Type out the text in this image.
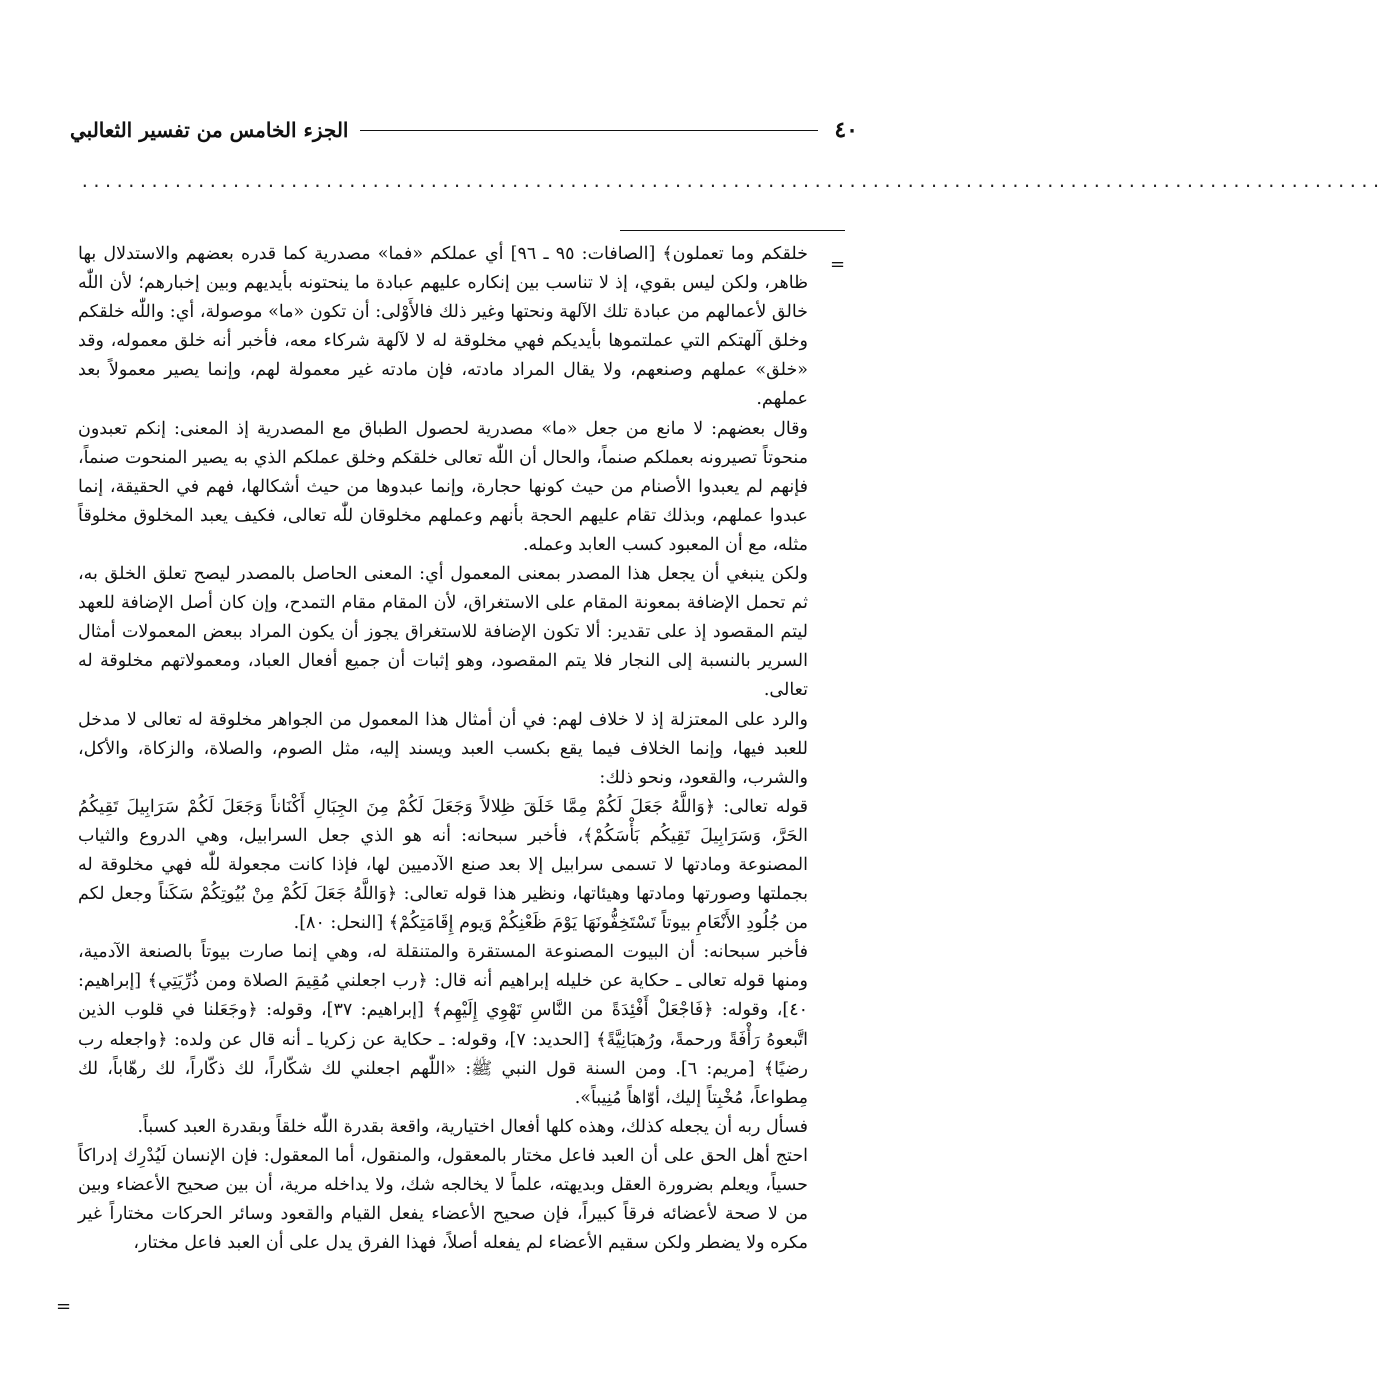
٤٠
الجزء الخامس من تفسير الثعالبي
................................................................................................................
=

خلقكم وما تعملون﴾ [الصافات: ٩٥ ـ ٩٦] أي عملكم «فما» مصدرية كما قدره بعضهم والاستدلال بها ظاهر، ولكن ليس بقوي، إذ لا تناسب بين إنكاره عليهم عبادة ما ينحتونه بأيديهم وبين إخبارهم؛ لأن اللّٰه خالق لأعمالهم من عبادة تلك الآلهة ونحتها وغير ذلك فالأَوْلى: أن تكون «ما» موصولة، أي: واللّٰه خلقكم وخلق آلهتكم التي عملتموها بأيديكم فهي مخلوقة له لا لآلهة شركاء معه، فأخبر أنه خلق معموله، وقد «خلق» عملهم وصنعهم، ولا يقال المراد مادته، فإن مادته غير معمولة لهم، وإنما يصير معمولاً بعد عملهم.

وقال بعضهم: لا مانع من جعل «ما» مصدرية لحصول الطباق مع المصدرية إذ المعنى: إنكم تعبدون منحوتاً تصيرونه بعملكم صنماً، والحال أن اللّٰه تعالى خلقكم وخلق عملكم الذي به يصير المنحوت صنماً، فإنهم لم يعبدوا الأصنام من حيث كونها حجارة، وإنما عبدوها من حيث أشكالها، فهم في الحقيقة، إنما عبدوا عملهم، وبذلك تقام عليهم الحجة بأنهم وعملهم مخلوقان للّٰه تعالى، فكيف يعبد المخلوق مخلوقاً مثله، مع أن المعبود كسب العابد وعمله.

ولكن ينبغي أن يجعل هذا المصدر بمعنى المعمول أي: المعنى الحاصل بالمصدر ليصح تعلق الخلق به، ثم تحمل الإضافة بمعونة المقام على الاستغراق، لأن المقام مقام التمدح، وإن كان أصل الإضافة للعهد ليتم المقصود إذ على تقدير: ألا تكون الإضافة للاستغراق يجوز أن يكون المراد ببعض المعمولات أمثال السرير بالنسبة إلى النجار فلا يتم المقصود، وهو إثبات أن جميع أفعال العباد، ومعمولاتهم مخلوقة له تعالى.

والرد على المعتزلة إذ لا خلاف لهم: في أن أمثال هذا المعمول من الجواهر مخلوقة له تعالى لا مدخل للعبد فيها، وإنما الخلاف فيما يقع بكسب العبد ويسند إليه، مثل الصوم، والصلاة، والزكاة، والأكل، والشرب، والقعود، ونحو ذلك:

قوله تعالى: ﴿وَاللَّهُ جَعَلَ لَكُمْ مِمَّا خَلَقَ ظِلالاً وَجَعَلَ لَكُمْ مِنَ الجِبَالِ أَكْنَاناً وَجَعَلَ لَكُمْ سَرَابِيلَ تَقِيكُمُ الحَرَّ، وَسَرَابِيلَ تَقِيكُم بَأْسَكُمْ﴾، فأخبر سبحانه: أنه هو الذي جعل السرابيل، وهي الدروع والثياب المصنوعة ومادتها لا تسمى سرابيل إلا بعد صنع الآدميين لها، فإذا كانت مجعولة للّٰه فهي مخلوقة له بجملتها وصورتها ومادتها وهيئاتها، ونظير هذا قوله تعالى: ﴿وَاللَّهُ جَعَلَ لَكُمْ مِنْ بُيُوتِكُمْ سَكَناً وجعل لكم من جُلُودِ الأَنْعَامِ بيوتاً تَسْتَخِفُّونَهَا يَوْمَ ظَعْنِكُمْ وَيوم إِقَامَتِكُمْ﴾ [النحل: ٨٠].

فأخبر سبحانه: أن البيوت المصنوعة المستقرة والمتنقلة له، وهي إنما صارت بيوتاً بالصنعة الآدمية، ومنها قوله تعالى ـ حكاية عن خليله إبراهيم أنه قال: ﴿رب اجعلني مُقِيمَ الصلاة ومن ذُرِّيَتِي﴾ [إبراهيم: ٤٠]، وقوله: ﴿فَاجْعَلْ أَفْئِدَةً من النَّاسِ تَهْوِي إِلَيْهِم﴾ [إبراهيم: ٣٧]، وقوله: ﴿وجَعَلنا في قلوب الذين اتَّبعوهُ رَأْفَةً ورحمةً، ورُهبَانِيَّةً﴾ [الحديد: ٧]، وقوله: ـ حكاية عن زكريا ـ أنه قال عن ولده: ﴿واجعله رب رضيًا﴾ [مريم: ٦]. ومن السنة قول النبي ﷺ: «اللّٰهم اجعلني لك شكّاراً، لك ذكّاراً، لك رهّاباً، لك مِطواعاً، مُخْبِتاً إليك، أوّاهاً مُنِيباً».

فسأل ربه أن يجعله كذلك، وهذه كلها أفعال اختيارية، واقعة بقدرة اللّٰه خلقاً وبقدرة العبد كسباً.

احتج أهل الحق على أن العبد فاعل مختار بالمعقول، والمنقول، أما المعقول: فإن الإنسان لَيُدْرِك إدراكاً حسياً، ويعلم بضرورة العقل وبديهته، علماً لا يخالجه شك، ولا يداخله مرية، أن بين صحيح الأعضاء وبين من لا صحة لأعضائه فرقاً كبيراً، فإن صحيح الأعضاء يفعل القيام والقعود وسائر الحركات مختاراً غير مكره ولا يضطر ولكن سقيم الأعضاء لم يفعله أصلاً، فهذا الفرق يدل على أن العبد فاعل مختار،

=
